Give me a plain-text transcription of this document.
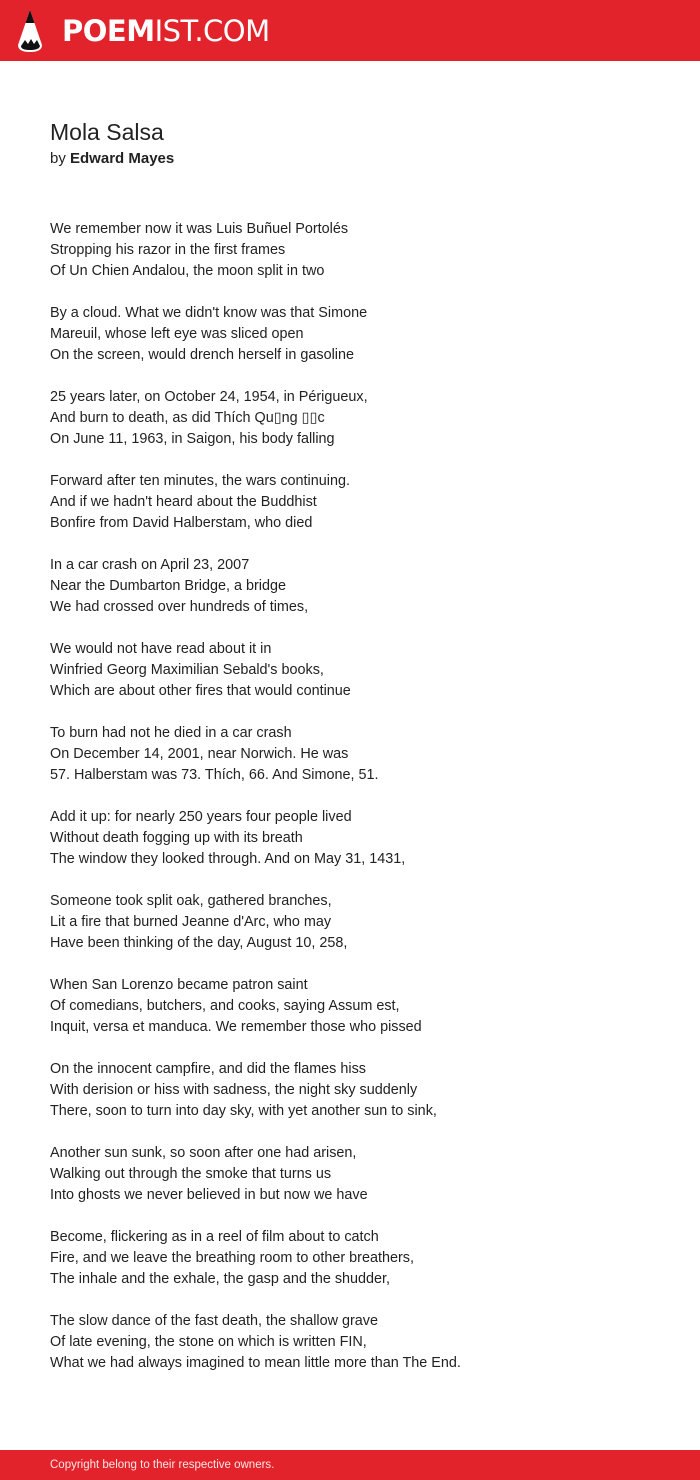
POEMIST.COM
Mola Salsa
by Edward Mayes

We remember now it was Luis Buñuel Portolés
Stropping his razor in the first frames
Of Un Chien Andalou, the moon split in two

By a cloud. What we didn't know was that Simone
Mareuil, whose left eye was sliced open
On the screen, would drench herself in gasoline

25 years later, on October 24, 1954, in Périgueux,
And burn to death, as did Thích Qu▯ng ▯▯c
On June 11, 1963, in Saigon, his body falling

Forward after ten minutes, the wars continuing.
And if we hadn't heard about the Buddhist
Bonfire from David Halberstam, who died

In a car crash on April 23, 2007
Near the Dumbarton Bridge, a bridge
We had crossed over hundreds of times,

We would not have read about it in
Winfried Georg Maximilian Sebald's books,
Which are about other fires that would continue

To burn had not he died in a car crash
On December 14, 2001, near Norwich. He was
57. Halberstam was 73. Thích, 66. And Simone, 51.

Add it up: for nearly 250 years four people lived
Without death fogging up with its breath
The window they looked through. And on May 31, 1431,

Someone took split oak, gathered branches,
Lit a fire that burned Jeanne d'Arc, who may
Have been thinking of the day, August 10, 258,

When San Lorenzo became patron saint
Of comedians, butchers, and cooks, saying Assum est,
Inquit, versa et manduca. We remember those who pissed

On the innocent campfire, and did the flames hiss
With derision or hiss with sadness, the night sky suddenly
There, soon to turn into day sky, with yet another sun to sink,

Another sun sunk, so soon after one had arisen,
Walking out through the smoke that turns us
Into ghosts we never believed in but now we have

Become, flickering as in a reel of film about to catch
Fire, and we leave the breathing room to other breathers,
The inhale and the exhale, the gasp and the shudder,

The slow dance of the fast death, the shallow grave
Of late evening, the stone on which is written FIN,
What we had always imagined to mean little more than The End.

Copyright belong to their respective owners.
